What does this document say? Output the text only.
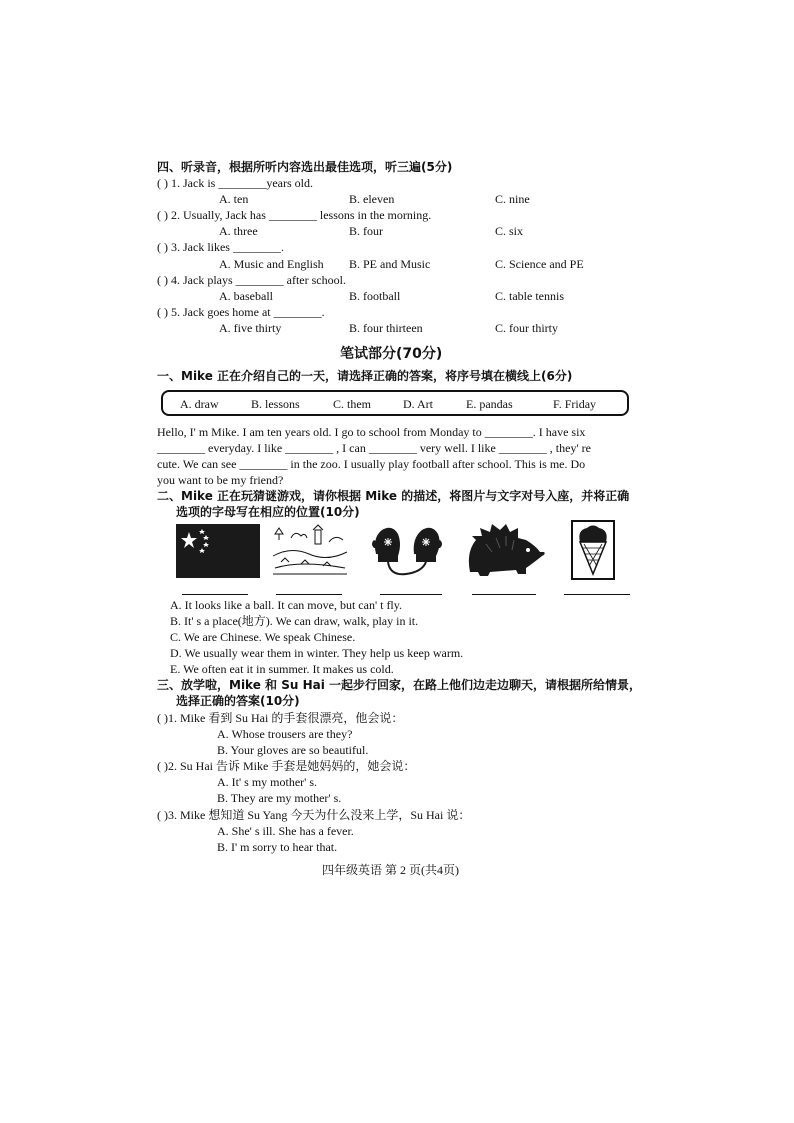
四、听录音，根据所听内容选出最佳选项，听三遍(5分)
( ) 1. Jack is ________years old.
A. ten	B. eleven	C. nine
( ) 2. Usually, Jack has ________ lessons in the morning.
A. three	B. four	C. six
( ) 3. Jack likes ________.
A. Music and English B. PE and Music	C. Science and PE
( ) 4. Jack plays ________ after school.
A. baseball	B. football	C. table tennis
( ) 5. Jack goes home at ________.
A. five thirty	B. four thirteen	C. four thirty
笔试部分(70分)
一、Mike 正在介绍自己的一天，请选择正确的答案，将序号填在横线上(6分)
A. draw	B. lessons	C. them	D. Art	E. pandas	F. Friday
Hello, I' m Mike. I am ten years old. I go to school from Monday to ________. I have six
________ everyday. I like ________ , I can ________ very well. I like ________ , they' re
cute. We can see ________ in the zoo. I usually play football after school. This is me. Do
you want to be my friend?
二、Mike 正在玩猜谜游戏，请你根据 Mike 的描述，将图片与文字对号入座，并将正确
选项的字母写在相应的位置(10分)
A. It looks like a ball. It can move, but can' t fly.
B. It' s a place(地方). We can draw, walk, play in it.
C. We are Chinese. We speak Chinese.
D. We usually wear them in winter. They help us keep warm.
E. We often eat it in summer. It makes us cold.
三、放学啦，Mike 和 Su Hai 一起步行回家，在路上他们边走边聊天，请根据所给情景，
选择正确的答案(10分)
( )1. Mike 看到 Su Hai 的手套很漂亮，他会说：
A. Whose trousers are they?
B. Your gloves are so beautiful.
( )2. Su Hai 告诉 Mike 手套是她妈妈的，她会说：
A. It' s my mother' s.
B. They are my mother' s.
( )3. Mike 想知道 Su Yang 今天为什么没来上学，Su Hai 说：
A. She' s ill. She has a fever.
B. I' m sorry to hear that.
四年级英语 第 2 页(共4页)
